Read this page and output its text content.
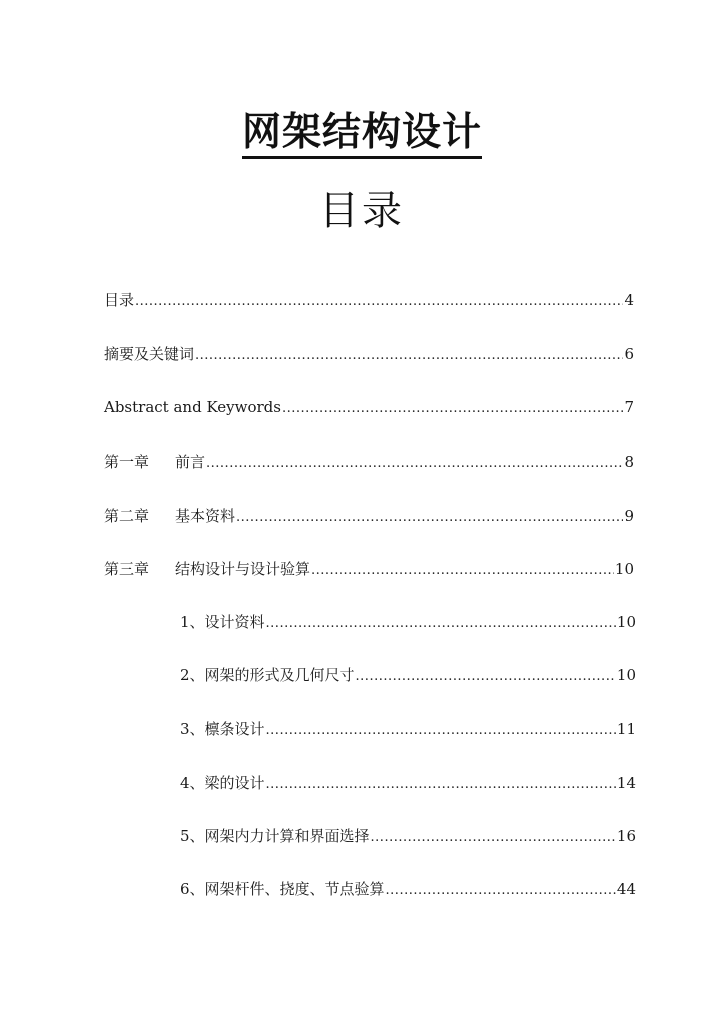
网架结构设计
目录
目录 .....	4
摘要及关键词 .....	6
Abstract and Keywords .....	7
第一章 前言 .....	8
第二章 基本资料 .....	9
第三章 结构设计与设计验算 .....	10
1、设计资料 .....	10
2、网架的形式及几何尺寸 .....	10
3、檩条设计 .....	11
4、梁的设计 .....	14
5、网架内力计算和界面选择 .....	16
6、网架杆件、挠度、节点验算 .....	44
